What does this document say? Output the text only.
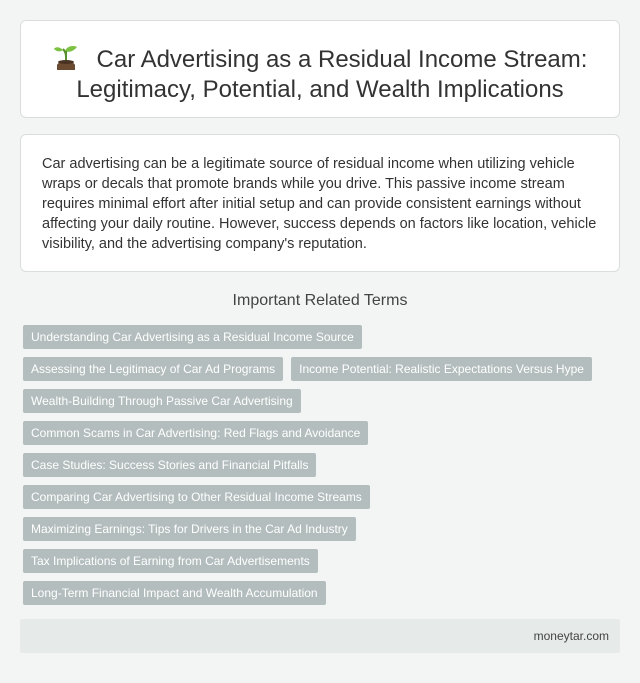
Car Advertising as a Residual Income Stream:
Legitimacy, Potential, and Wealth Implications

Car advertising can be a legitimate source of residual income when utilizing vehicle wraps or decals that promote brands while you drive. This passive income stream requires minimal effort after initial setup and can provide consistent earnings without affecting your daily routine. However, success depends on factors like location, vehicle visibility, and the advertising company's reputation.

Important Related Terms
Understanding Car Advertising as a Residual Income Source
Assessing the Legitimacy of Car Ad Programs	Income Potential: Realistic Expectations Versus Hype
Wealth-Building Through Passive Car Advertising
Common Scams in Car Advertising: Red Flags and Avoidance
Case Studies: Success Stories and Financial Pitfalls
Comparing Car Advertising to Other Residual Income Streams
Maximizing Earnings: Tips for Drivers in the Car Ad Industry
Tax Implications of Earning from Car Advertisements
Long-Term Financial Impact and Wealth Accumulation
moneytar.com
